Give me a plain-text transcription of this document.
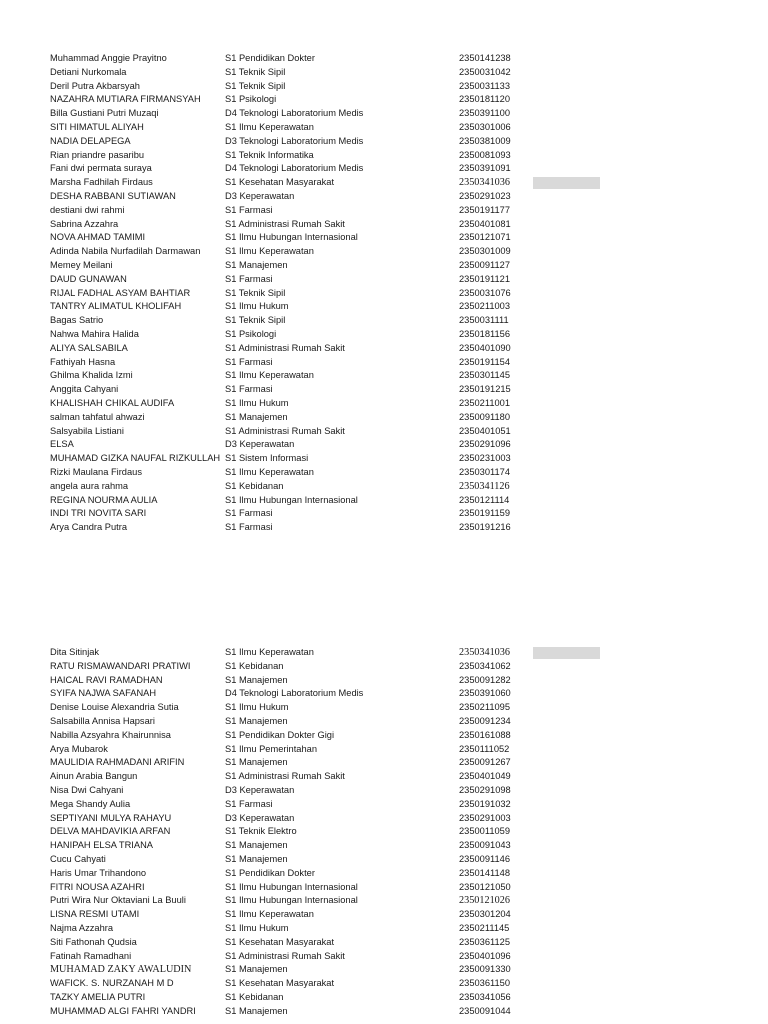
Muhammad Anggie Prayitno	S1 Pendidikan Dokter	2350141238
Detiani Nurkomala	S1 Teknik Sipil	2350031042
Deril Putra Akbarsyah	S1 Teknik Sipil	2350031133
NAZAHRA MUTIARA FIRMANSYAH	S1 Psikologi	2350181120
Billa Gustiani Putri Muzaqi	D4 Teknologi Laboratorium Medis	2350391100
SITI HIMATUL ALIYAH	S1 Ilmu Keperawatan	2350301006
NADIA DELAPEGA	D3 Teknologi Laboratorium Medis	2350381009
Rian priandre pasaribu	S1 Teknik Informatika	2350081093
Fani dwi permata suraya	D4 Teknologi Laboratorium Medis	2350391091
Marsha Fadhilah Firdaus	S1 Kesehatan Masyarakat	2350341036
DESHA RABBANI SUTIAWAN	D3 Keperawatan	2350291023
destiani dwi rahmi	S1 Farmasi	2350191177
Sabrina Azzahra	S1 Administrasi Rumah Sakit	2350401081
NOVA AHMAD TAMIMI	S1 Ilmu Hubungan Internasional	2350121071
Adinda Nabila Nurfadilah Darmawan	S1 Ilmu Keperawatan	2350301009
Memey Meilani	S1 Manajemen	2350091127
DAUD GUNAWAN	S1 Farmasi	2350191121
RIJAL FADHAL ASYAM BAHTIAR	S1 Teknik Sipil	2350031076
TANTRY ALIMATUL KHOLIFAH	S1 Ilmu Hukum	2350211003
Bagas Satrio	S1 Teknik Sipil	2350031111
Nahwa Mahira Halida	S1 Psikologi	2350181156
ALIYA SALSABILA	S1 Administrasi Rumah Sakit	2350401090
Fathiyah Hasna	S1 Farmasi	2350191154
Ghilma Khalida Izmi	S1 Ilmu Keperawatan	2350301145
Anggita Cahyani	S1 Farmasi	2350191215
KHALISHAH CHIKAL AUDIFA	S1 Ilmu Hukum	2350211001
salman tahfatul ahwazi	S1 Manajemen	2350091180
Salsyabila Listiani	S1 Administrasi Rumah Sakit	2350401051
ELSA	D3 Keperawatan	2350291096
MUHAMAD GIZKA NAUFAL RIZKULLAH S1 Sistem Informasi	2350231003
Rizki Maulana Firdaus	S1 Ilmu Keperawatan	2350301174
angela aura rahma	S1 Kebidanan	2350341126
REGINA NOURMA AULIA	S1 Ilmu Hubungan Internasional	2350121114
INDI TRI NOVITA SARI	S1 Farmasi	2350191159
Arya Candra Putra	S1 Farmasi	2350191216
Dita Sitinjak	S1 Ilmu Keperawatan	2350341036
RATU RISMAWANDARI PRATIWI	S1 Kebidanan	2350341062
HAICAL RAVI RAMADHAN	S1 Manajemen	2350091282
SYIFA NAJWA SAFANAH	D4 Teknologi Laboratorium Medis	2350391060
Denise Louise Alexandria Sutia	S1 Ilmu Hukum	2350211095
Salsabilla Annisa Hapsari	S1 Manajemen	2350091234
Nabilla Azsyahra Khairunnisa	S1 Pendidikan Dokter Gigi	2350161088
Arya Mubarok	S1 Ilmu Pemerintahan	2350111052
MAULIDIA RAHMADANI ARIFIN	S1 Manajemen	2350091267
Ainun Arabia Bangun	S1 Administrasi Rumah Sakit	2350401049
Nisa Dwi Cahyani	D3 Keperawatan	2350291098
Mega Shandy Aulia	S1 Farmasi	2350191032
SEPTIYANI MULYA RAHAYU	D3 Keperawatan	2350291003
DELVA MAHDAVIKIA ARFAN	S1 Teknik Elektro	2350011059
HANIPAH ELSA TRIANA	S1 Manajemen	2350091043
Cucu Cahyati	S1 Manajemen	2350091146
Haris Umar Trihandono	S1 Pendidikan Dokter	2350141148
FITRI NOUSA AZAHRI	S1 Ilmu Hubungan Internasional	2350121050
Putri Wira Nur Oktaviani La Buuli	S1 Ilmu Hubungan Internasional	2350121026
LISNA RESMI UTAMI	S1 Ilmu Keperawatan	2350301204
Najma Azzahra	S1 Ilmu Hukum	2350211145
Siti Fathonah Qudsia	S1 Kesehatan Masyarakat	2350361125
Fatinah Ramadhani	S1 Administrasi Rumah Sakit	2350401096
MUHAMAD ZAKY AWALUDIN	S1 Manajemen	2350091330
WAFICK. S. NURZANAH M D	S1 Kesehatan Masyarakat	2350361150
TAZKY AMELIA PUTRI	S1 Kebidanan	2350341056
MUHAMMAD ALGI FAHRI YANDRI	S1 Manajemen	2350091044
